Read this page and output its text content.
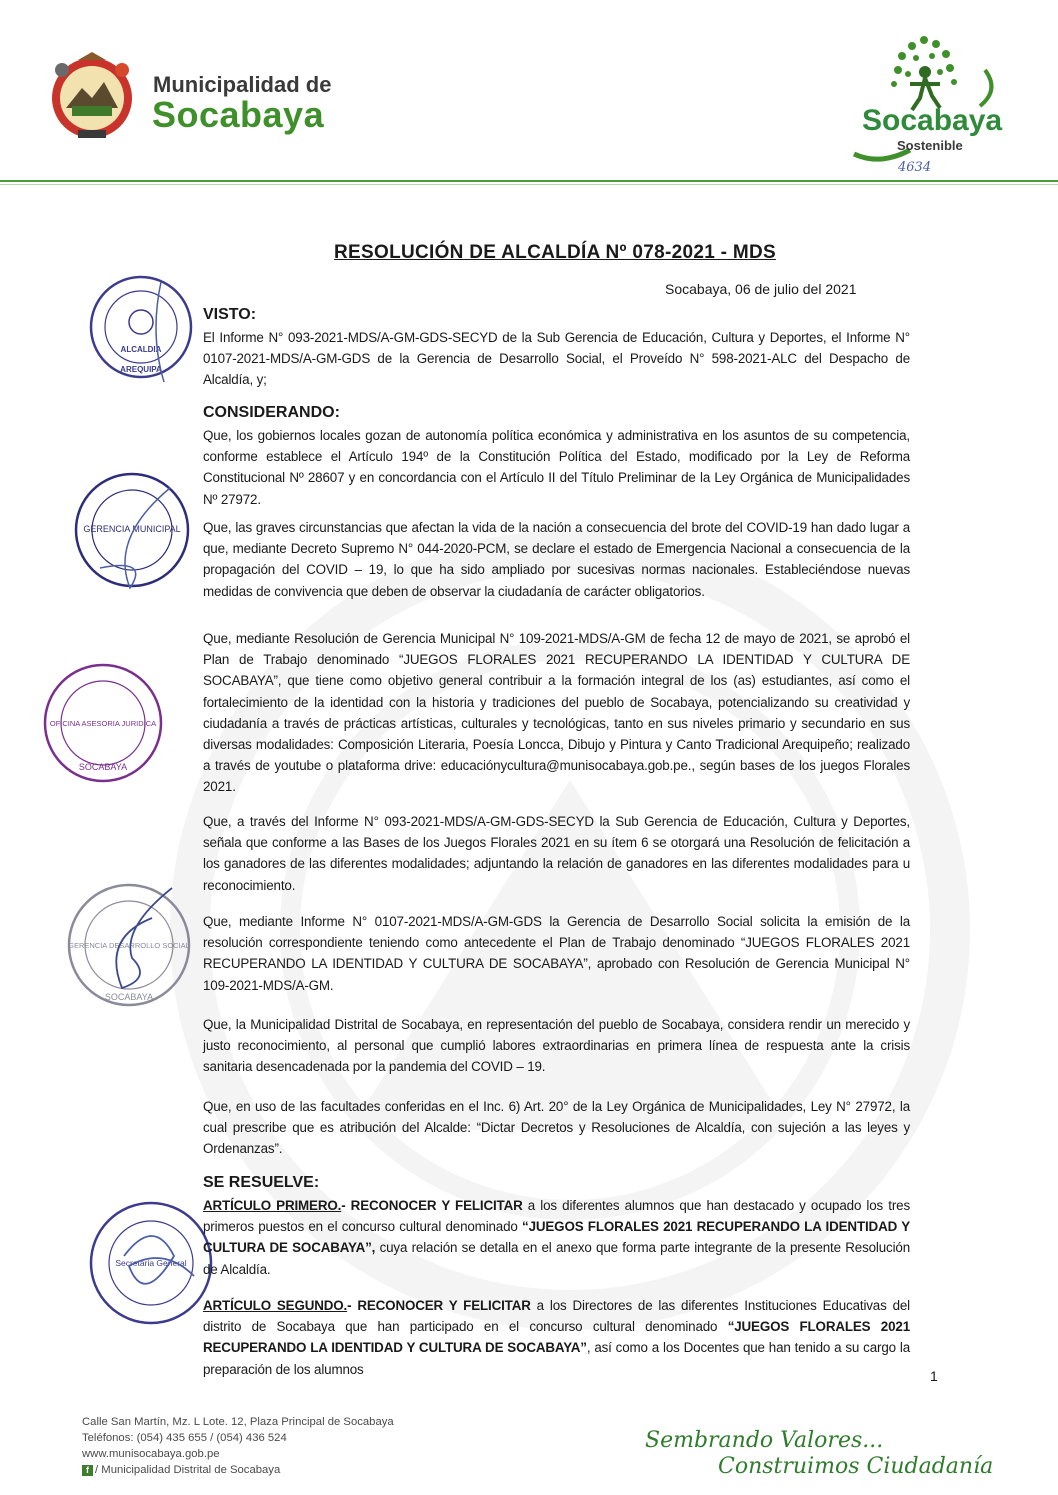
Municipalidad de
Socabaya	Socabaya
Sostenible
4634
ALCALDIA
AREQUIPA
GERENCIA MUNICIPAL
OFICINA ASESORIA JURIDICA
SOCABAYA
GERENCIA DESARROLLO SOCIAL
SOCABAYA
Secretaria General
RESOLUCIÓN DE ALCALDÍA Nº 078-2021 - MDS
Socabaya, 06 de julio del 2021
VISTO:
El Informe N° 093-2021-MDS/A-GM-GDS-SECYD de la Sub Gerencia de Educación, Cultura y Deportes, el Informe N° 0107-2021-MDS/A-GM-GDS de la Gerencia de Desarrollo Social, el Proveído N° 598-2021-ALC del Despacho de Alcaldía, y;
CONSIDERANDO:
Que, los gobiernos locales gozan de autonomía política económica y administrativa en los asuntos de su competencia, conforme establece el Artículo 194º de la Constitución Política del Estado, modificado por la Ley de Reforma Constitucional Nº 28607 y en concordancia con el Artículo II del Título Preliminar de la Ley Orgánica de Municipalidades Nº 27972.
Que, las graves circunstancias que afectan la vida de la nación a consecuencia del brote del COVID-19 han dado lugar a que, mediante Decreto Supremo N° 044-2020-PCM, se declare el estado de Emergencia Nacional a consecuencia de la propagación del COVID – 19, lo que ha sido ampliado por sucesivas normas nacionales. Estableciéndose nuevas medidas de convivencia que deben de observar la ciudadanía de carácter obligatorios.
Que, mediante Resolución de Gerencia Municipal N° 109-2021-MDS/A-GM de fecha 12 de mayo de 2021, se aprobó el Plan de Trabajo denominado “JUEGOS FLORALES 2021 RECUPERANDO LA IDENTIDAD Y CULTURA DE SOCABAYA”, que tiene como objetivo general contribuir a la formación integral de los (as) estudiantes, así como el fortalecimiento de la identidad con la historia y tradiciones del pueblo de Socabaya, potencializando su creatividad y ciudadanía a través de prácticas artísticas, culturales y tecnológicas, tanto en sus niveles primario y secundario en sus diversas modalidades: Composición Literaria, Poesía Loncca, Dibujo y Pintura y Canto Tradicional Arequipeño; realizado a través de youtube o plataforma drive: educaciónycultura@munisocabaya.gob.pe., según bases de los juegos Florales 2021.
Que, a través del Informe N° 093-2021-MDS/A-GM-GDS-SECYD la Sub Gerencia de Educación, Cultura y Deportes, señala que conforme a las Bases de los Juegos Florales 2021 en su ítem 6 se otorgará una Resolución de felicitación a los ganadores de las diferentes modalidades; adjuntando la relación de ganadores en las diferentes modalidades para u reconocimiento.
Que, mediante Informe N° 0107-2021-MDS/A-GM-GDS la Gerencia de Desarrollo Social solicita la emisión de la resolución correspondiente teniendo como antecedente el Plan de Trabajo denominado “JUEGOS FLORALES 2021 RECUPERANDO LA IDENTIDAD Y CULTURA DE SOCABAYA”, aprobado con Resolución de Gerencia Municipal N° 109-2021-MDS/A-GM.
Que, la Municipalidad Distrital de Socabaya, en representación del pueblo de Socabaya, considera rendir un merecido y justo reconocimiento, al personal que cumplió labores extraordinarias en primera línea de respuesta ante la crisis sanitaria desencadenada por la pandemia del COVID – 19.
Que, en uso de las facultades conferidas en el Inc. 6) Art. 20° de la Ley Orgánica de Municipalidades, Ley N° 27972, la cual prescribe que es atribución del Alcalde: “Dictar Decretos y Resoluciones de Alcaldía, con sujeción a las leyes y Ordenanzas”.
SE RESUELVE:
ARTÍCULO PRIMERO.- RECONOCER Y FELICITAR a los diferentes alumnos que han destacado y ocupado los tres primeros puestos en el concurso cultural denominado “JUEGOS FLORALES 2021 RECUPERANDO LA IDENTIDAD Y CULTURA DE SOCABAYA”, cuya relación se detalla en el anexo que forma parte integrante de la presente Resolución de Alcaldía.
ARTÍCULO SEGUNDO.- RECONOCER Y FELICITAR a los Directores de las diferentes Instituciones Educativas del distrito de Socabaya que han participado en el concurso cultural denominado “JUEGOS FLORALES 2021 RECUPERANDO LA IDENTIDAD Y CULTURA DE SOCABAYA”, así como a los Docentes que han tenido a su cargo la preparación de los alumnos	1
Calle San Martín, Mz. L Lote. 12, Plaza Principal de Socabaya
Teléfonos: (054) 435 655 / (054) 436 524
www.munisocabaya.gob.pe
f / Municipalidad Distrital de Socabaya
Sembrando Valores...
Construimos Ciudadanía
